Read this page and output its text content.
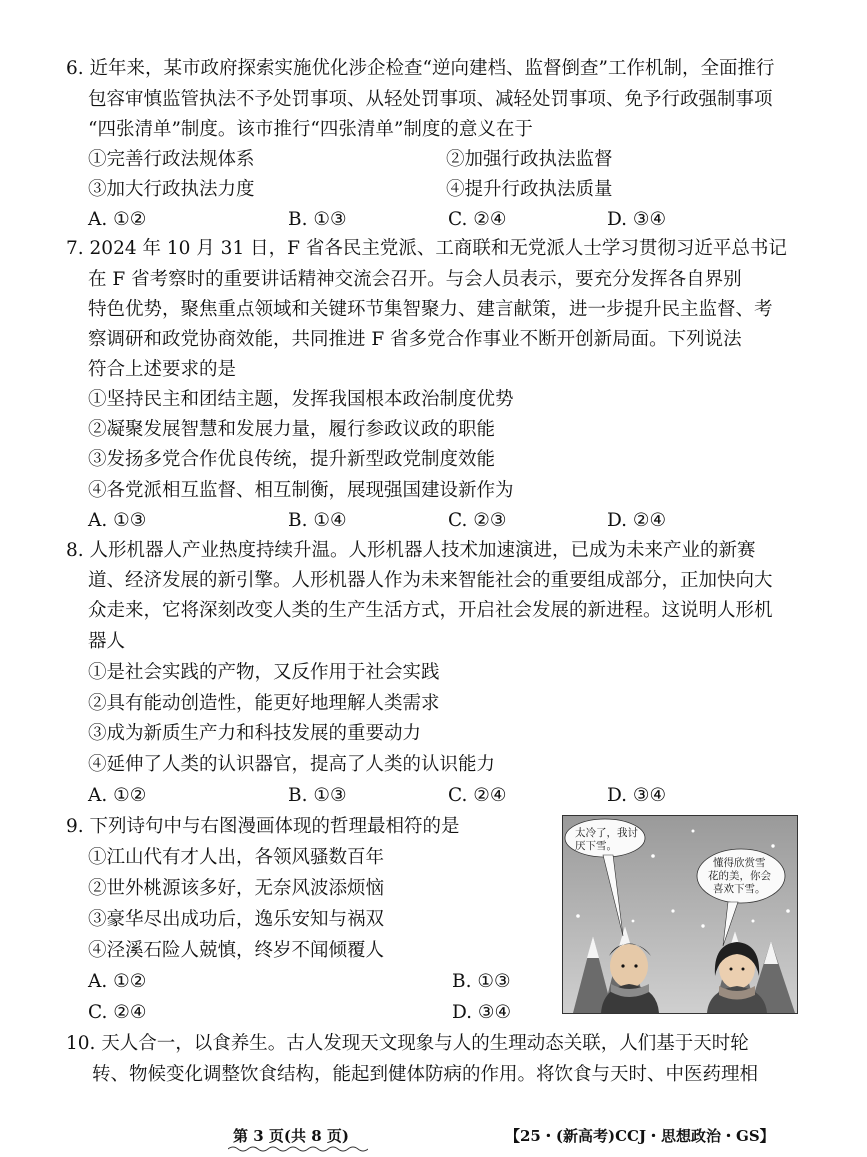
6. 近年来，某市政府探索实施优化涉企检查“逆向建档、监督倒查”工作机制，全面推行
包容审慎监管执法不予处罚事项、从轻处罚事项、减轻处罚事项、免予行政强制事项
“四张清单”制度。该市推行“四张清单”制度的意义在于
①完善行政法规体系	②加强行政执法监督
③加大行政执法力度	④提升行政执法质量
A. ①②	B. ①③	C. ②④	D. ③④
7. 2024 年 10 月 31 日，F 省各民主党派、工商联和无党派人士学习贯彻习近平总书记
在 F 省考察时的重要讲话精神交流会召开。与会人员表示，要充分发挥各自界别
特色优势，聚焦重点领域和关键环节集智聚力、建言献策，进一步提升民主监督、考
察调研和政党协商效能，共同推进 F 省多党合作事业不断开创新局面。下列说法
符合上述要求的是
①坚持民主和团结主题，发挥我国根本政治制度优势
②凝聚发展智慧和发展力量，履行参政议政的职能
③发扬多党合作优良传统，提升新型政党制度效能
④各党派相互监督、相互制衡，展现强国建设新作为
A. ①③	B. ①④	C. ②③	D. ②④
8. 人形机器人产业热度持续升温。人形机器人技术加速演进，已成为未来产业的新赛
道、经济发展的新引擎。人形机器人作为未来智能社会的重要组成部分，正加快向大
众走来，它将深刻改变人类的生产生活方式，开启社会发展的新进程。这说明人形机
器人
①是社会实践的产物，又反作用于社会实践
②具有能动创造性，能更好地理解人类需求
③成为新质生产力和科技发展的重要动力
④延伸了人类的认识器官，提高了人类的认识能力
A. ①②	B. ①③	C. ②④	D. ③④
9. 下列诗句中与右图漫画体现的哲理最相符的是
①江山代有才人出，各领风骚数百年
②世外桃源该多好，无奈风波添烦恼
③豪华尽出成功后，逸乐安知与祸双
④泾溪石险人兢慎，终岁不闻倾覆人
A. ①②	B. ①③
C. ②④	D. ③④
太冷了，我讨
厌下雪。
懂得欣赏雪
花的美，你会
喜欢下雪。
10. 天人合一，以食养生。古人发现天文现象与人的生理动态关联，人们基于天时轮
转、物候变化调整饮食结构，能起到健体防病的作用。将饮食与天时、中医药理相
第 3 页(共 8 页)	【25・(新高考)CCJ・思想政治・GS】
